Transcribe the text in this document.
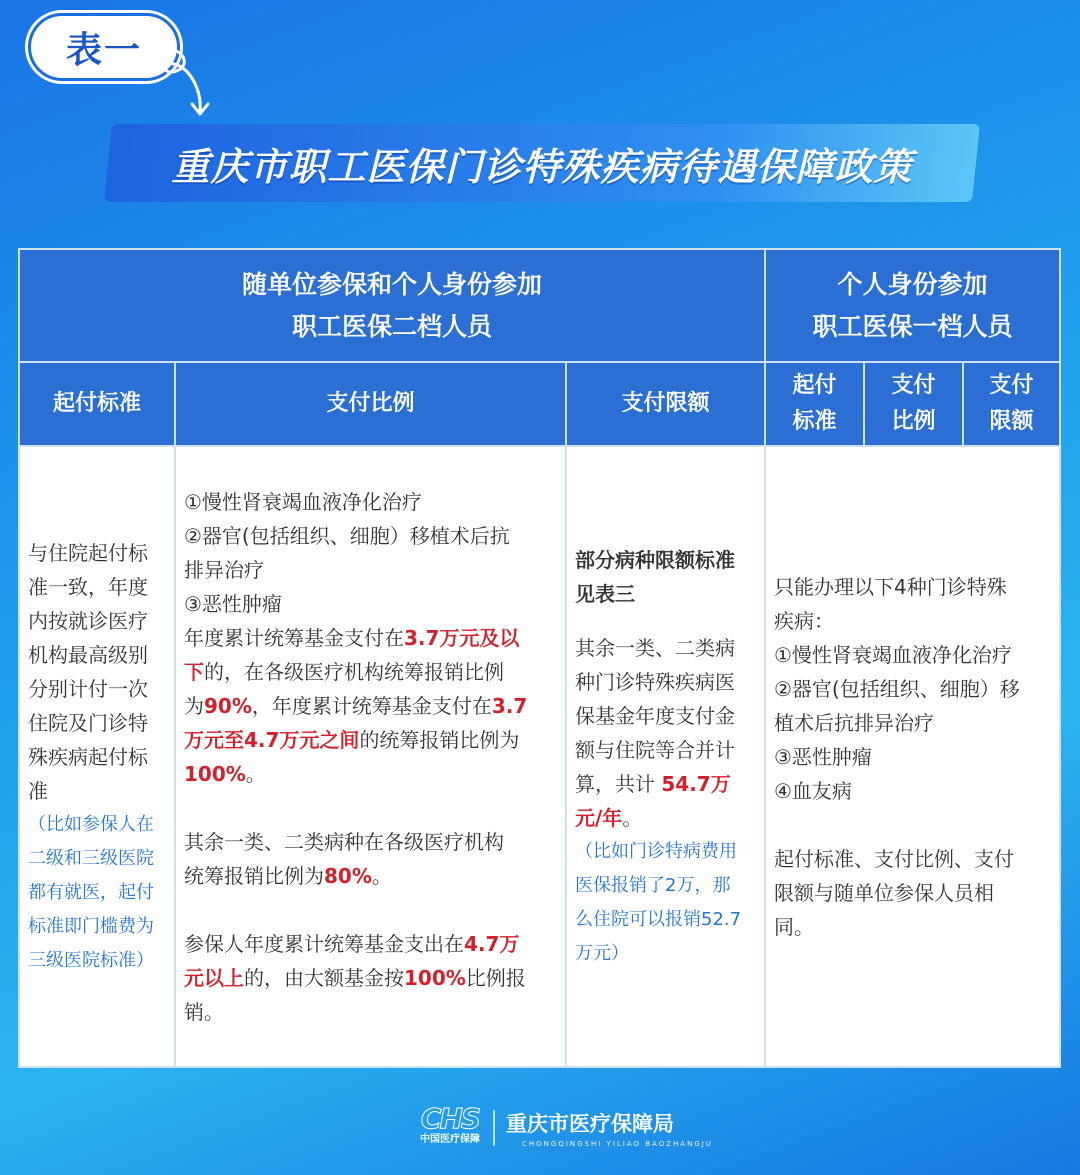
表一
重庆市职工医保门诊特殊疾病待遇保障政策
随单位参保和个人身份参加
职工医保二档人员
个人身份参加
职工医保一档人员
起付标准	支付比例	支付限额
起付
标准
支付
比例
支付
限额
与住院起付标
准一致，年度
内按就诊医疗
机构最高级别
分别计付一次
住院及门诊特
殊疾病起付标
准
（比如参保人在
二级和三级医院
都有就医，起付
标准即门槛费为
三级医院标准）
①慢性肾衰竭血液净化治疗
②器官(包括组织、细胞）移植术后抗
排异治疗
③恶性肿瘤
年度累计统筹基金支付在3.7万元及以
下的，在各级医疗机构统筹报销比例
为90%，年度累计统筹基金支付在3.7
万元至4.7万元之间的统筹报销比例为
100%。
其余一类、二类病种在各级医疗机构
统筹报销比例为80%。
参保人年度累计统筹基金支出在4.7万
元以上的，由大额基金按100%比例报
销。
部分病种限额标准
见表三
其余一类、二类病
种门诊特殊疾病医
保基金年度支付金
额与住院等合并计
算，共计 54.7万
元/年。
（比如门诊特病费用
医保报销了2万，那
么住院可以报销52.7
万元）
只能办理以下4种门诊特殊
疾病：
①慢性肾衰竭血液净化治疗
②器官(包括组织、细胞）移
植术后抗排异治疗
③恶性肿瘤
④血友病
起付标准、支付比例、支付
限额与随单位参保人员相
同。
CHS
中国医疗保障
重庆市医疗保障局
CHONGQINGSHI YILIAO BAOZHANGJU
